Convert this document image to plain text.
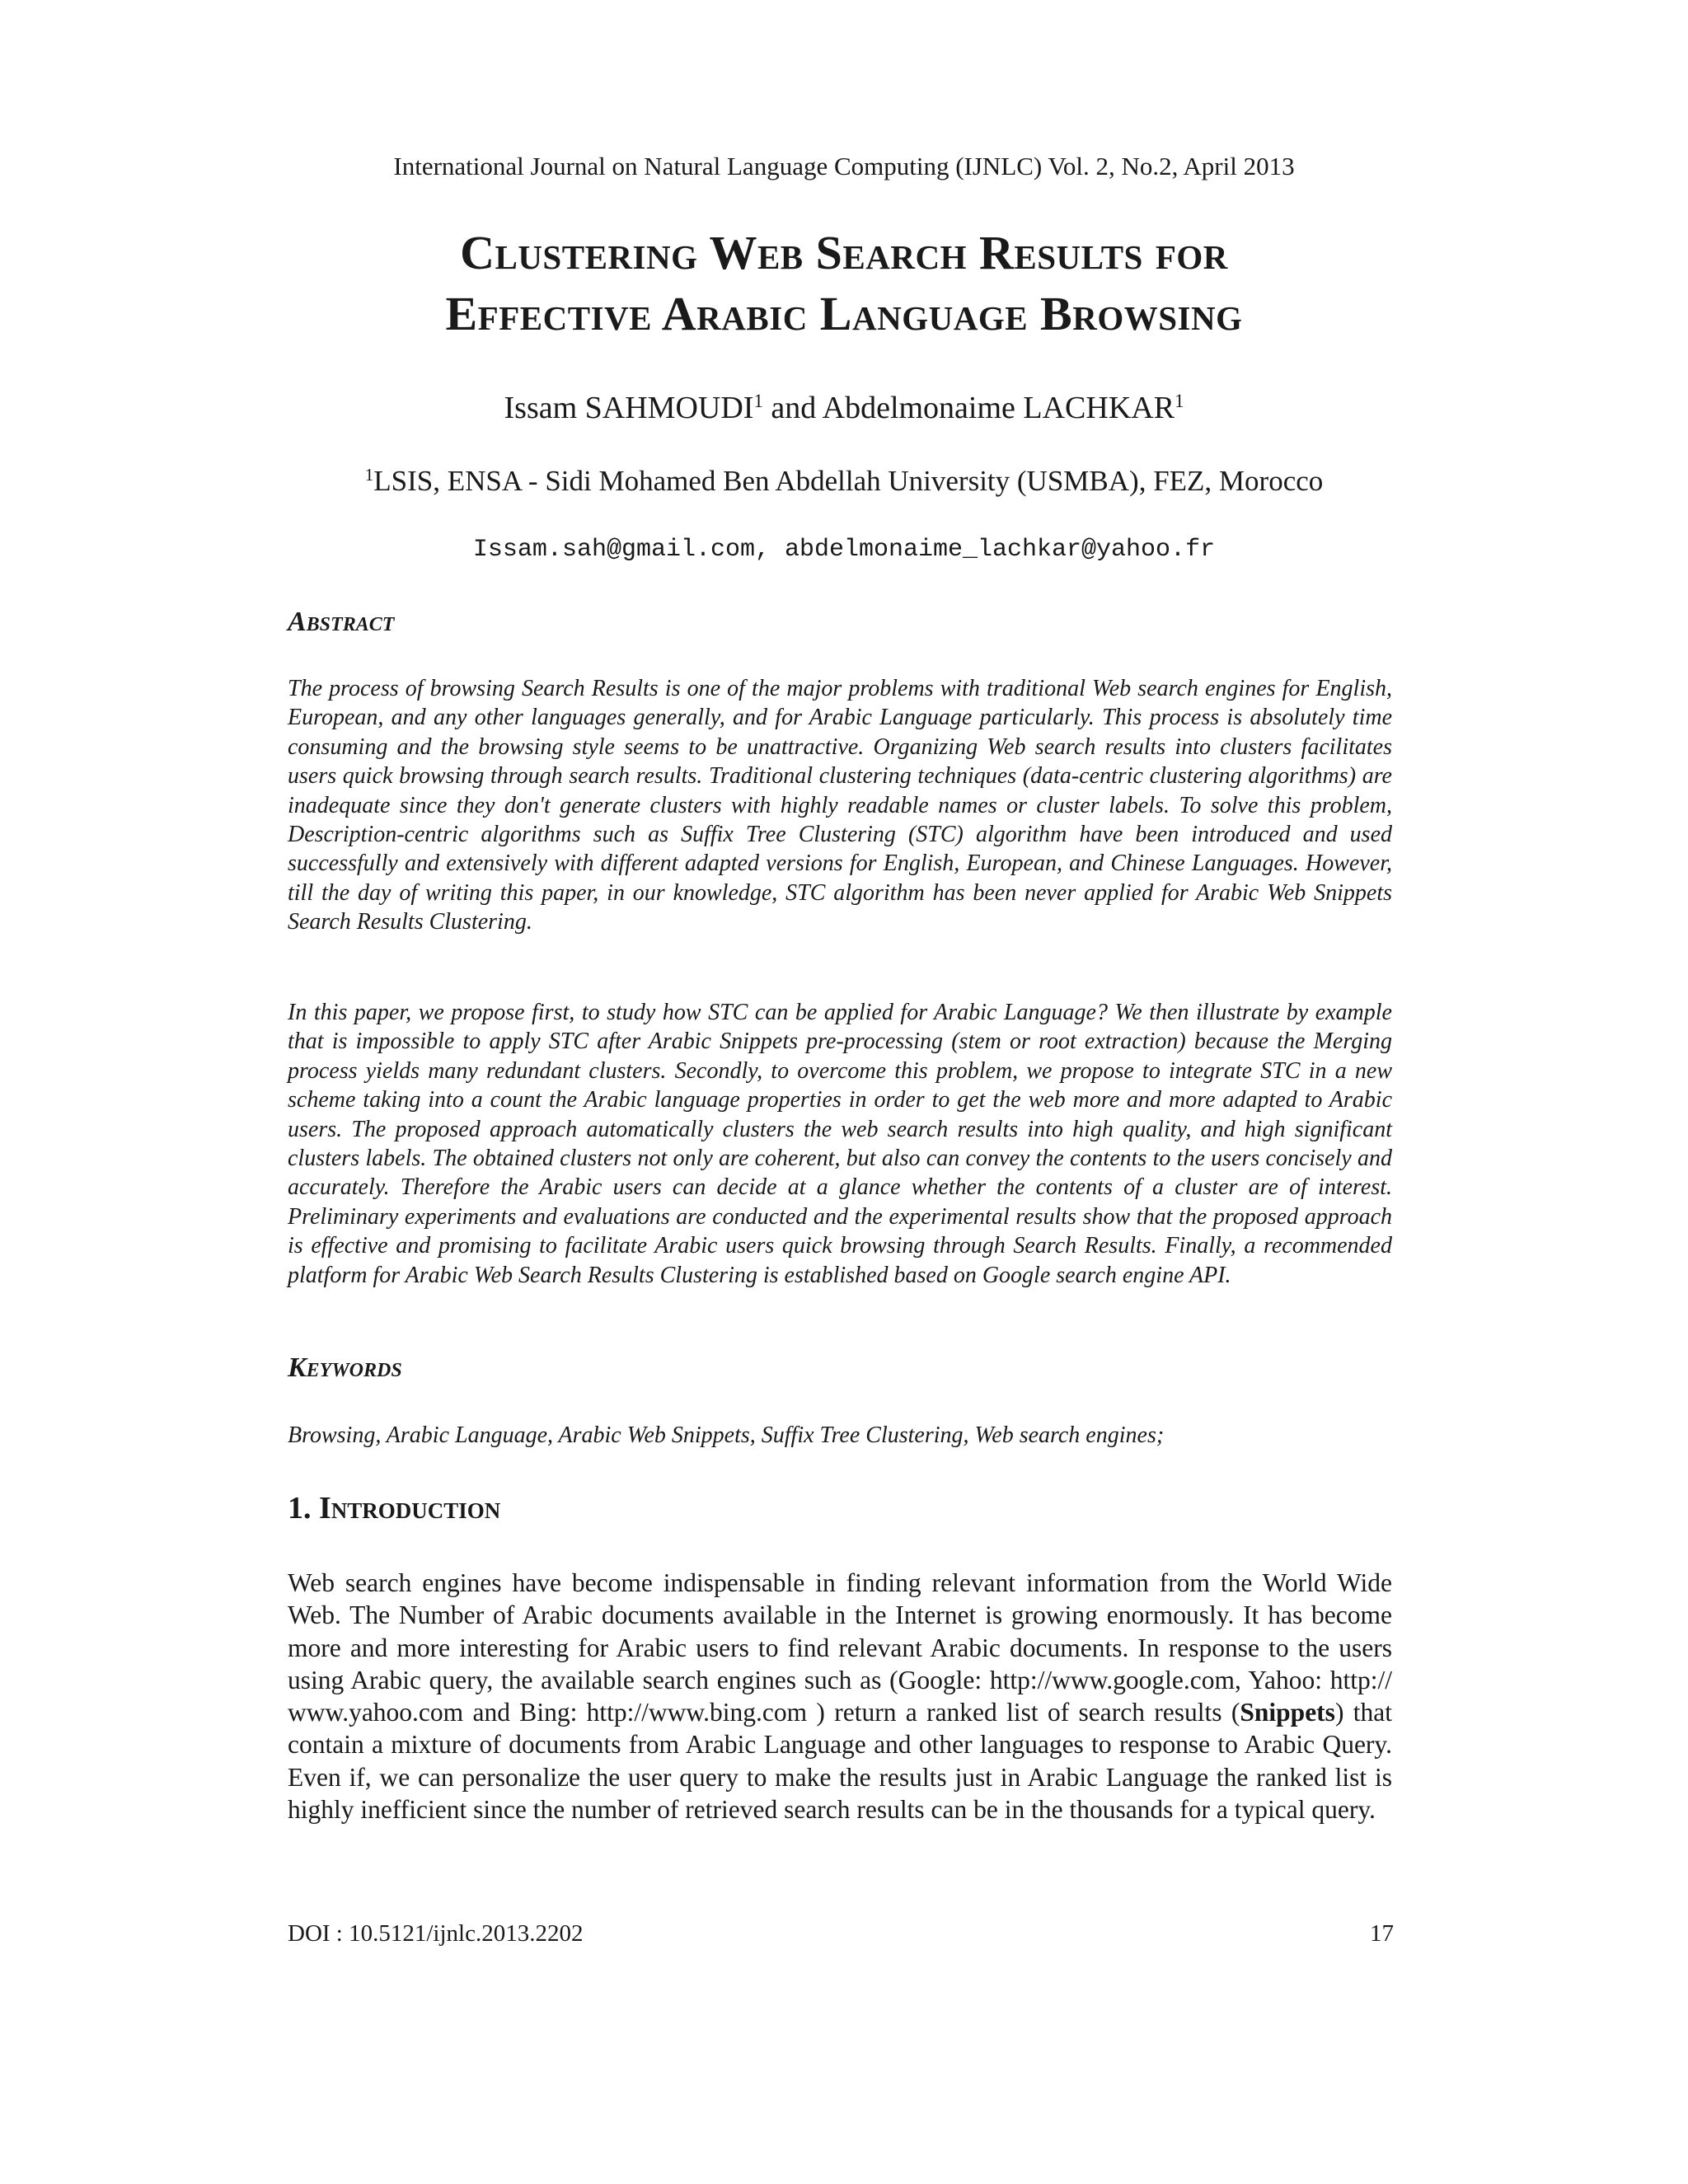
International Journal on Natural Language Computing (IJNLC) Vol. 2, No.2, April 2013
Clustering Web Search Results for
Effective Arabic Language Browsing
Issam SAHMOUDI$^1$ and Abdelmonaime LACHKAR$^1$
$^1$LSIS, ENSA - Sidi Mohamed Ben Abdellah University (USMBA), FEZ, Morocco
Issam.sah@gmail.com, abdelmonaime_lachkar@yahoo.fr
Abstract

The process of browsing Search Results is one of the major problems with traditional Web search engines for English, European, and any other languages generally, and for Arabic Language particularly. This process is absolutely time consuming and the browsing style seems to be unattractive. Organizing Web search results into clusters facilitates users quick browsing through search results. Traditional clustering techniques (data-centric clustering algorithms) are inadequate since they don't generate clusters with highly readable names or cluster labels. To solve this problem, Description-centric algorithms such as Suffix Tree Clustering (STC) algorithm have been introduced and used successfully and extensively with different adapted versions for English, European, and Chinese Languages. However, till the day of writing this paper, in our knowledge, STC algorithm has been never applied for Arabic Web Snippets Search Results Clustering.

In this paper, we propose first, to study how STC can be applied for Arabic Language? We then illustrate by example that is impossible to apply STC after Arabic Snippets pre-processing (stem or root extraction) because the Merging process yields many redundant clusters. Secondly, to overcome this problem, we propose to integrate STC in a new scheme taking into a count the Arabic language properties in order to get the web more and more adapted to Arabic users. The proposed approach automatically clusters the web search results into high quality, and high significant clusters labels. The obtained clusters not only are coherent, but also can convey the contents to the users concisely and accurately. Therefore the Arabic users can decide at a glance whether the contents of a cluster are of interest. Preliminary experiments and evaluations are conducted and the experimental results show that the proposed approach is effective and promising to facilitate Arabic users quick browsing through Search Results. Finally, a recommended platform for Arabic Web Search Results Clustering is established based on Google search engine API.

Keywords

Browsing, Arabic Language, Arabic Web Snippets, Suffix Tree Clustering, Web search engines;

1. Introduction

Web search engines have become indispensable in finding relevant information from the World Wide Web. The Number of Arabic documents available in the Internet is growing enormously. It has become more and more interesting for Arabic users to find relevant Arabic documents. In response to the users using Arabic query, the available search engines such as (Google: http://www.google.com, Yahoo: http:// www.yahoo.com and Bing: http://www.bing.com ) return a ranked list of search results (Snippets) that contain a mixture of documents from Arabic Language and other languages to response to Arabic Query. Even if, we can personalize the user query to make the results just in Arabic Language the ranked list is highly inefficient since the number of retrieved search results can be in the thousands for a typical query.

DOI : 10.5121/ijnlc.2013.2202	17
